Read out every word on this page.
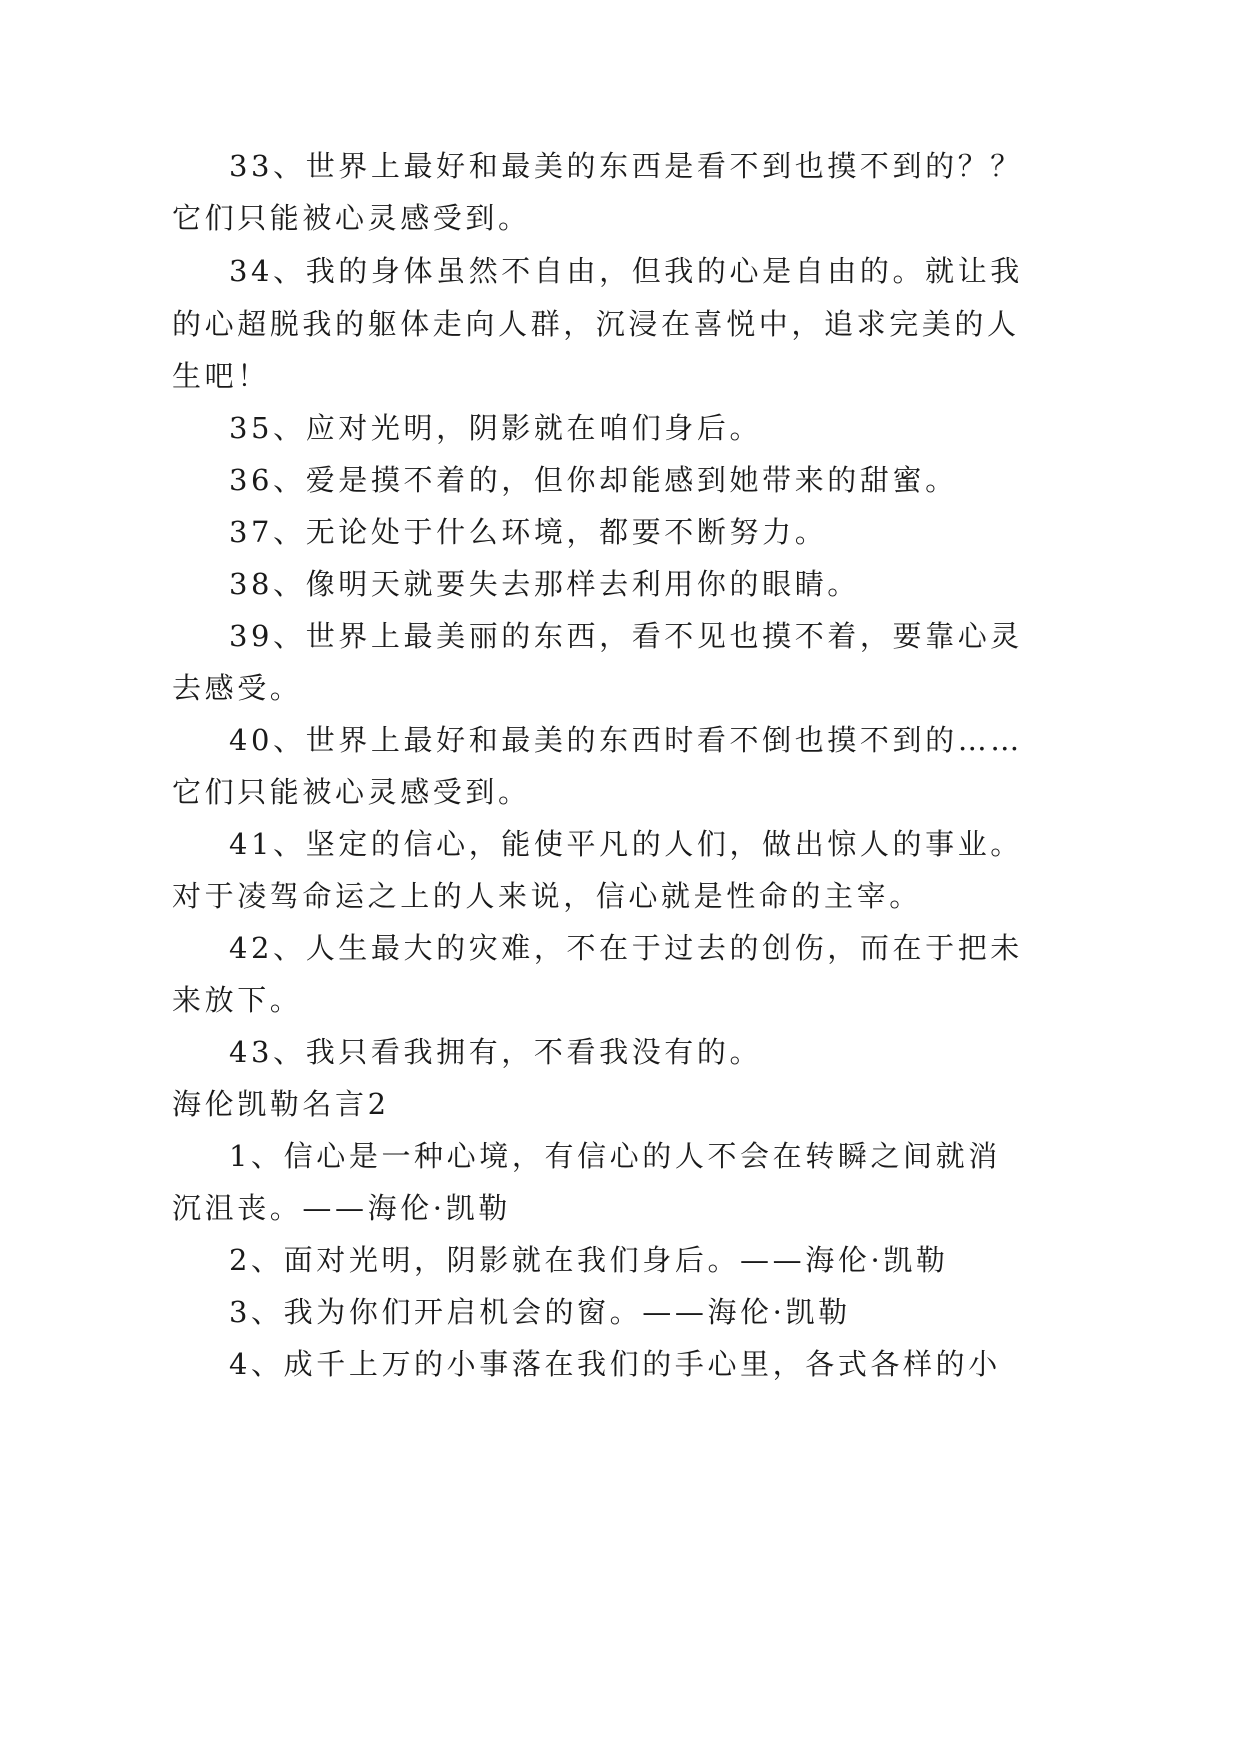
33、世界上最好和最美的东西是看不到也摸不到的？？
它们只能被心灵感受到。
34、我的身体虽然不自由，但我的心是自由的。就让我
的心超脱我的躯体走向人群，沉浸在喜悦中，追求完美的人
生吧！
35、应对光明，阴影就在咱们身后。
36、爱是摸不着的，但你却能感到她带来的甜蜜。
37、无论处于什么环境，都要不断努力。
38、像明天就要失去那样去利用你的眼睛。
39、世界上最美丽的东西，看不见也摸不着，要靠心灵
去感受。
40、世界上最好和最美的东西时看不倒也摸不到的……
它们只能被心灵感受到。
41、坚定的信心，能使平凡的人们，做出惊人的事业。
对于凌驾命运之上的人来说，信心就是性命的主宰。
42、人生最大的灾难，不在于过去的创伤，而在于把未
来放下。
43、我只看我拥有，不看我没有的。
海伦凯勒名言2
1、信心是一种心境，有信心的人不会在转瞬之间就消
沉沮丧。——海伦·凯勒
2、面对光明，阴影就在我们身后。——海伦·凯勒
3、我为你们开启机会的窗。——海伦·凯勒
4、成千上万的小事落在我们的手心里，各式各样的小
